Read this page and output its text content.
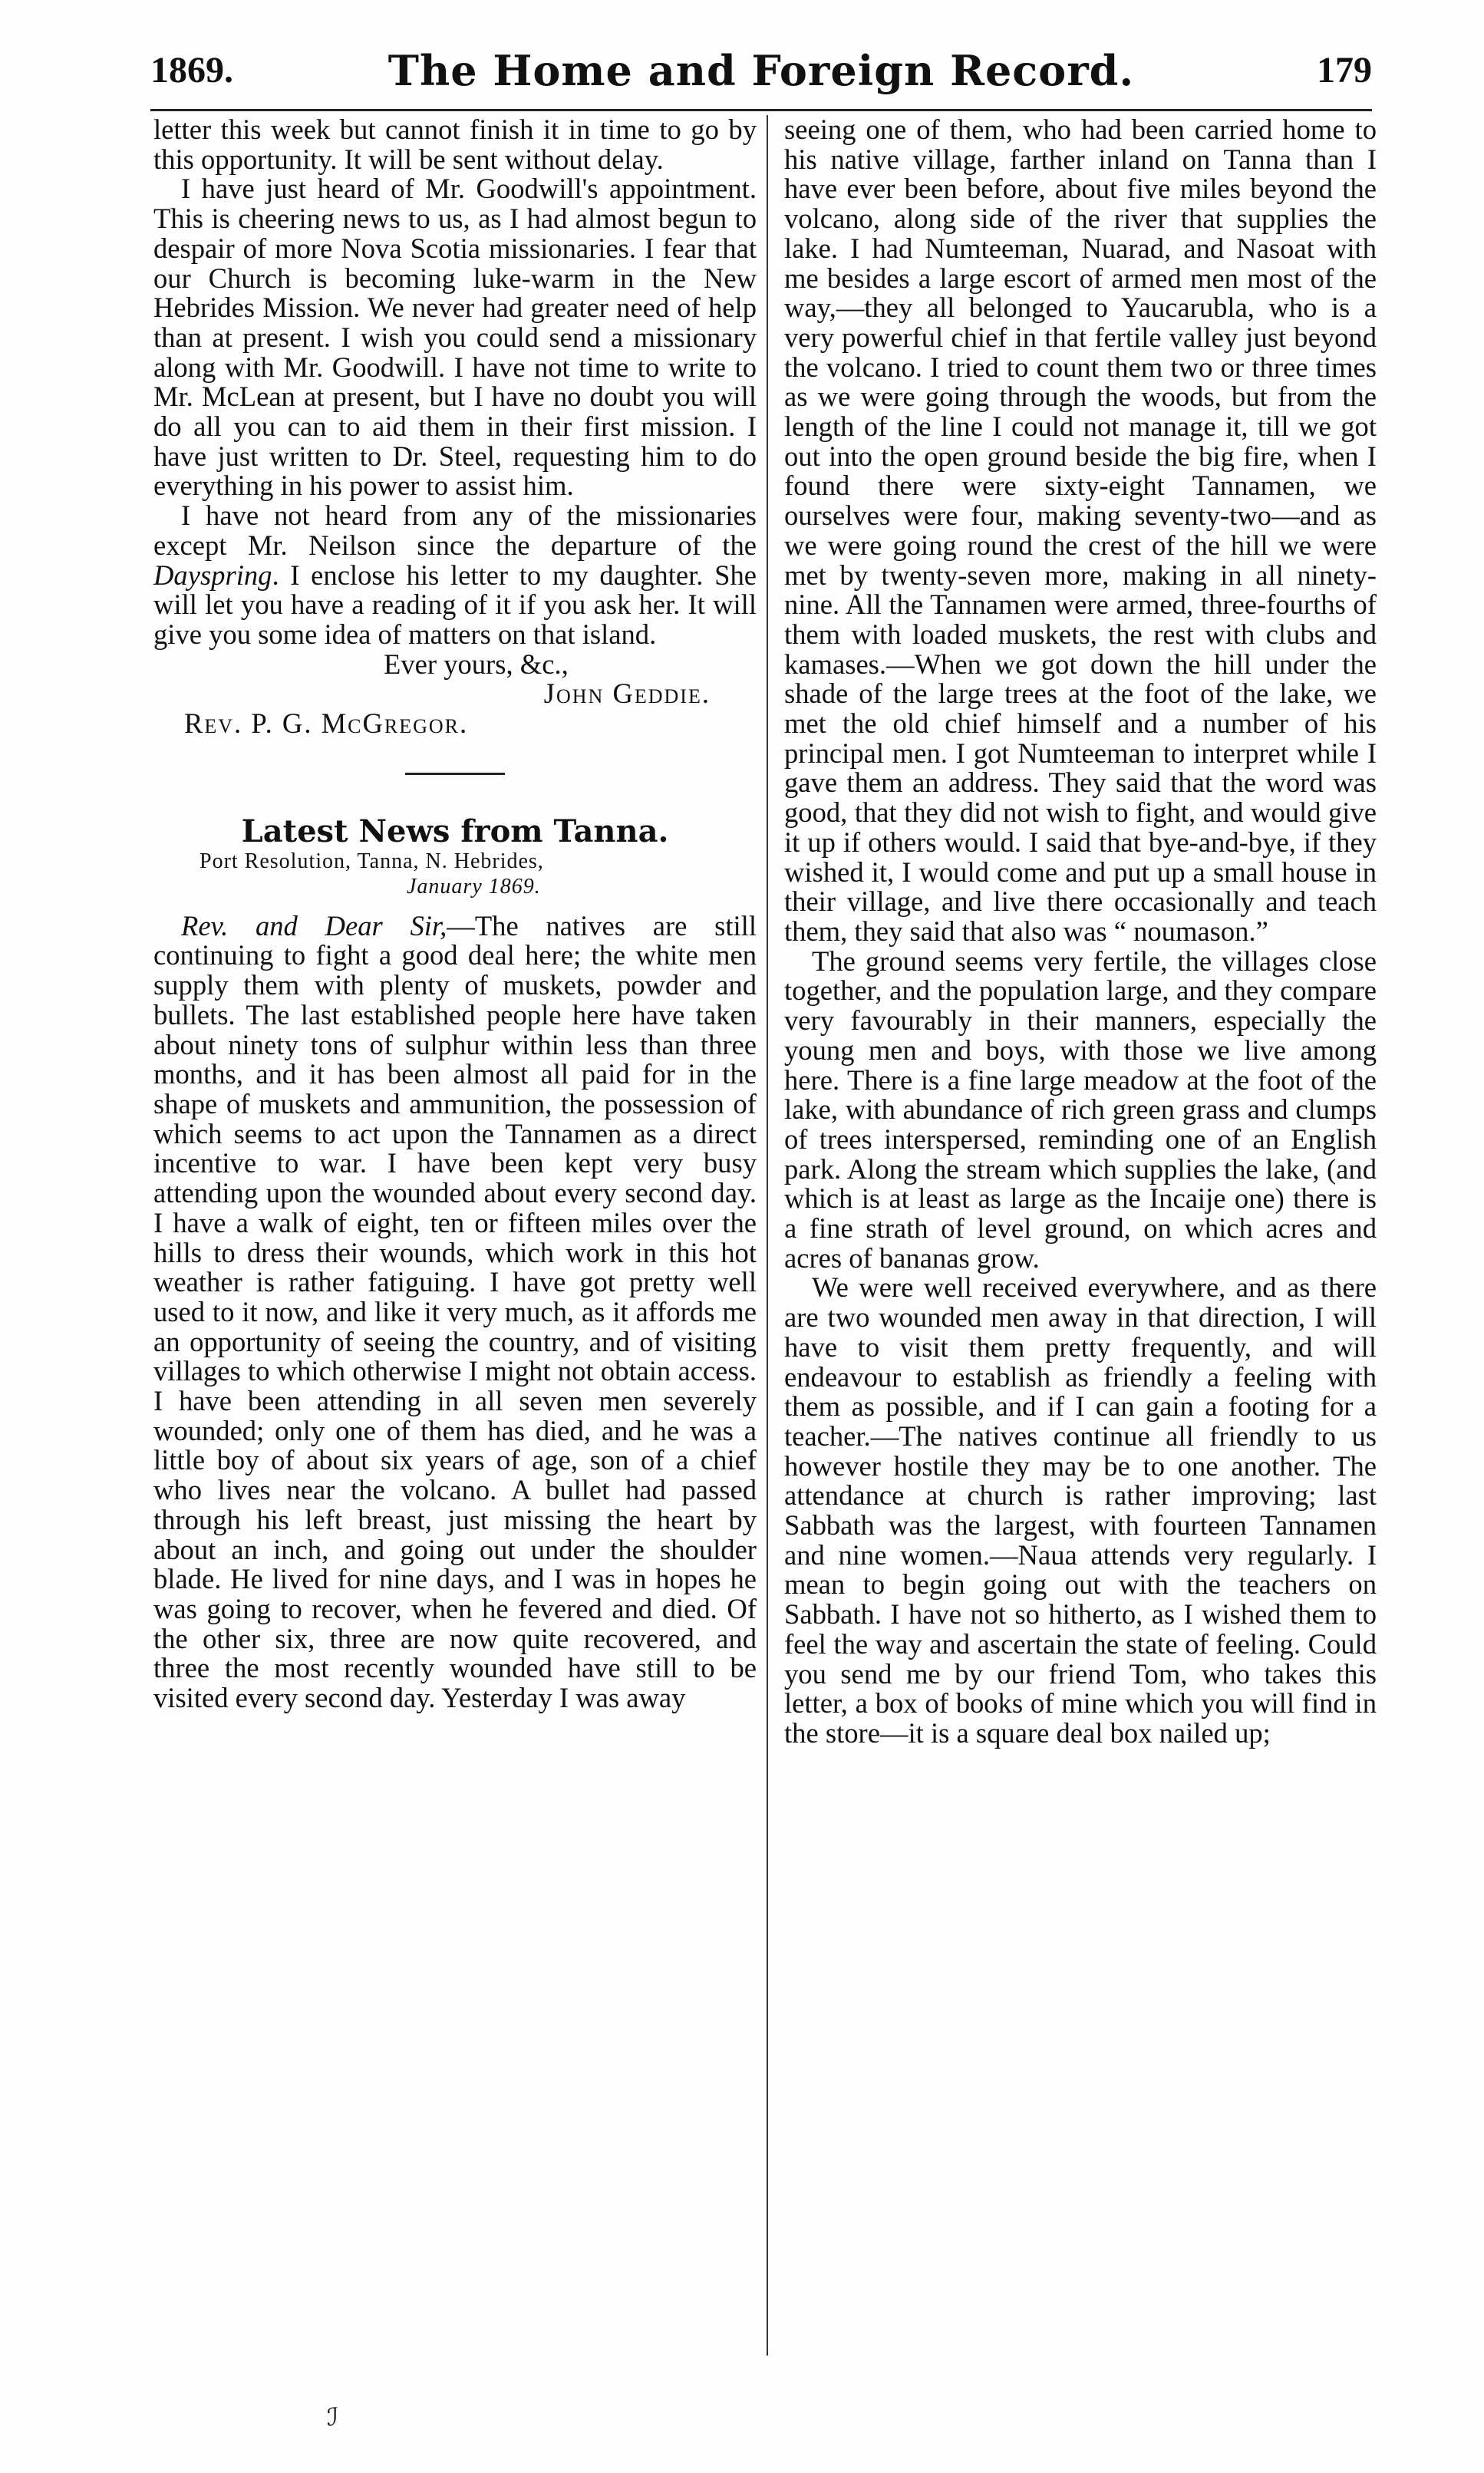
1869.	The Home and Foreign Record.	179

letter this week but cannot finish it in time to go by this opportunity. It will be sent without delay.

I have just heard of Mr. Goodwill's appointment. This is cheering news to us, as I had almost begun to despair of more Nova Scotia missionaries. I fear that our Church is becoming luke-warm in the New Hebrides Mission. We never had greater need of help than at present. I wish you could send a missionary along with Mr. Goodwill. I have not time to write to Mr. McLean at present, but I have no doubt you will do all you can to aid them in their first mission. I have just written to Dr. Steel, requesting him to do everything in his power to assist him.

I have not heard from any of the missionaries except Mr. Neilson since the departure of the Dayspring. I enclose his letter to my daughter. She will let you have a reading of it if you ask her. It will give you some idea of matters on that island.

Ever yours, &c.,

John Geddie.

Rev. P. G. McGregor.

Latest News from Tanna.

Port Resolution, Tanna, N. Hebrides,
January 1869.

Rev. and Dear Sir,—The natives are still continuing to fight a good deal here; the white men supply them with plenty of muskets, powder and bullets. The last established people here have taken about ninety tons of sulphur within less than three months, and it has been almost all paid for in the shape of muskets and ammunition, the possession of which seems to act upon the Tannamen as a direct incentive to war. I have been kept very busy attending upon the wounded about every second day. I have a walk of eight, ten or fifteen miles over the hills to dress their wounds, which work in this hot weather is rather fatiguing. I have got pretty well used to it now, and like it very much, as it affords me an opportunity of seeing the country, and of visiting villages to which otherwise I might not obtain access. I have been attending in all seven men severely wounded; only one of them has died, and he was a little boy of about six years of age, son of a chief who lives near the volcano. A bullet had passed through his left breast, just missing the heart by about an inch, and going out under the shoulder blade. He lived for nine days, and I was in hopes he was going to recover, when he fevered and died. Of the other six, three are now quite recovered, and three the most recently wounded have still to be visited every second day. Yesterday I was away

seeing one of them, who had been carried home to his native village, farther inland on Tanna than I have ever been before, about five miles beyond the volcano, along side of the river that supplies the lake. I had Numteeman, Nuarad, and Nasoat with me besides a large escort of armed men most of the way,—they all belonged to Yaucarubla, who is a very powerful chief in that fertile valley just beyond the volcano. I tried to count them two or three times as we were going through the woods, but from the length of the line I could not manage it, till we got out into the open ground beside the big fire, when I found there were sixty-eight Tannamen, we ourselves were four, making seventy-two—and as we were going round the crest of the hill we were met by twenty-seven more, making in all ninety-nine. All the Tannamen were armed, three-fourths of them with loaded muskets, the rest with clubs and kamases.—When we got down the hill under the shade of the large trees at the foot of the lake, we met the old chief himself and a number of his principal men. I got Numteeman to interpret while I gave them an address. They said that the word was good, that they did not wish to fight, and would give it up if others would. I said that bye-and-bye, if they wished it, I would come and put up a small house in their village, and live there occasionally and teach them, they said that also was “ noumason.”

The ground seems very fertile, the villages close together, and the population large, and they compare very favourably in their manners, especially the young men and boys, with those we live among here. There is a fine large meadow at the foot of the lake, with abundance of rich green grass and clumps of trees interspersed, reminding one of an English park. Along the stream which supplies the lake, (and which is at least as large as the Incaije one) there is a fine strath of level ground, on which acres and acres of bananas grow.

We were well received everywhere, and as there are two wounded men away in that direction, I will have to visit them pretty frequently, and will endeavour to establish as friendly a feeling with them as possible, and if I can gain a footing for a teacher.—The natives continue all friendly to us however hostile they may be to one another. The attendance at church is rather improving; last Sabbath was the largest, with fourteen Tannamen and nine women.—Naua attends very regularly. I mean to begin going out with the teachers on Sabbath. I have not so hitherto, as I wished them to feel the way and ascertain the state of feeling. Could you send me by our friend Tom, who takes this letter, a box of books of mine which you will find in the store—it is a square deal box nailed up;

ℐ
